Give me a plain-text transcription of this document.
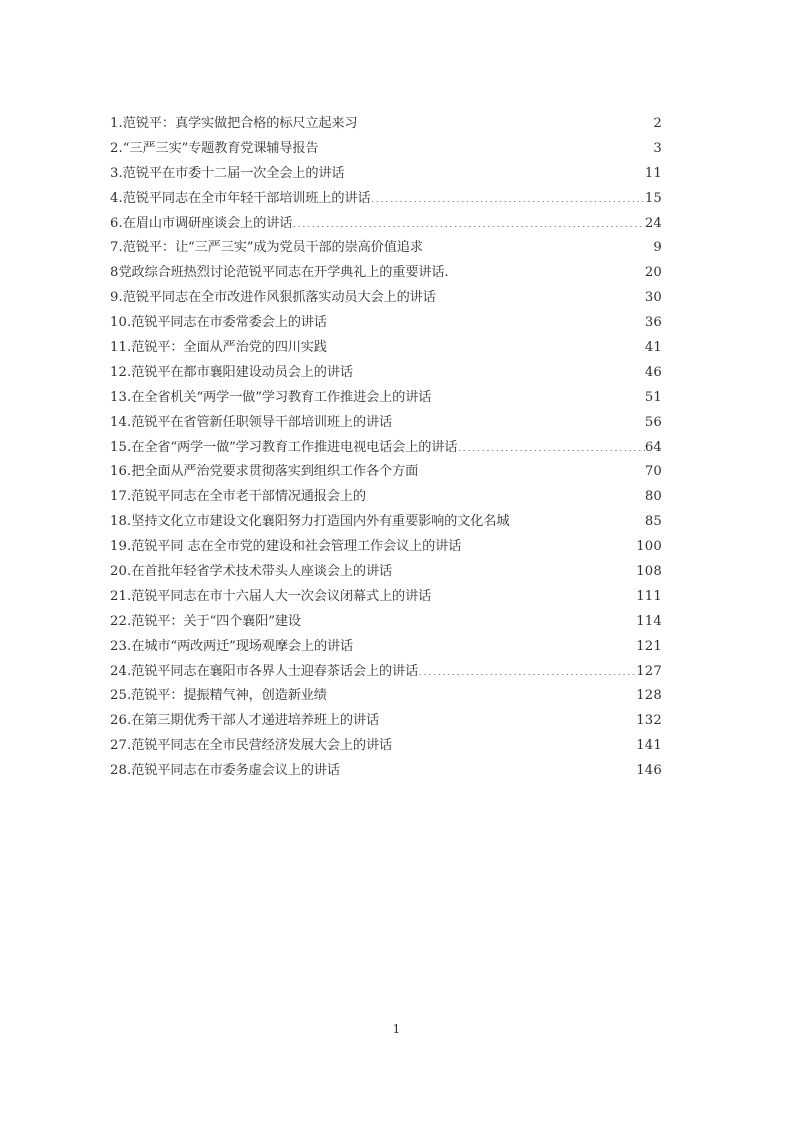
1. 范锐平：真学实做把合格的标尺立起来习 .....	2
2. “三严三实”专题教育党课辅导报告 .....	3
3. 范锐平在市委十二届一次全会上的讲话 .....	11
4. 范锐平同志在全市年轻干部培训班上的讲话 .....	15
6. 在眉山市调研座谈会上的讲话 .....	24
7. 范锐平：让“三严三实”成为党员干部的崇高价值追求 .....	9
8 党政综合班热烈讨论范锐平同志在开学典礼上的重要讲话. .....	20
9. 范锐平同志在全市改进作风狠抓落实动员大会上的讲话 .....	30
10. 范锐平同志在市委常委会上的讲话 .....	36
11. 范锐平：全面从严治党的四川实践 .....	41
12. 范锐平在都市襄阳建设动员会上的讲话 .....	46
13. 在全省机关“两学一做”学习教育工作推进会上的讲话 .....	51
14. 范锐平在省管新任职领导干部培训班上的讲话 .....	56
15. 在全省“两学一做”学习教育工作推进电视电话会上的讲话 .....	64
16. 把全面从严治党要求贯彻落实到组织工作各个方面 .....	70
17. 范锐平同志在全市老干部情况通报会上的 .....	80
18. 坚持文化立市建设文化襄阳努力打造国内外有重要影响的文化名城 .....	85
19. 范锐平同 志在全市党的建设和社会管理工作会议上的讲话 .....	100
20. 在首批年轻省学术技术带头人座谈会上的讲话 .....	108
21. 范锐平同志在市十六届人大一次会议闭幕式上的讲话 .....	111
22. 范锐平：关于“四个襄阳”建设 .....	114
23. 在城市“两改两迁”现场观摩会上的讲话 .....	121
24. 范锐平同志在襄阳市各界人士迎春茶话会上的讲话 .....	127
25. 范锐平：提振精气神，创造新业绩 .....	128
26. 在第三期优秀干部人才递进培养班上的讲话 .....	132
27. 范锐平同志在全市民营经济发展大会上的讲话 .....	141
28. 范锐平同志在市委务虚会议上的讲话 .....	146
1
